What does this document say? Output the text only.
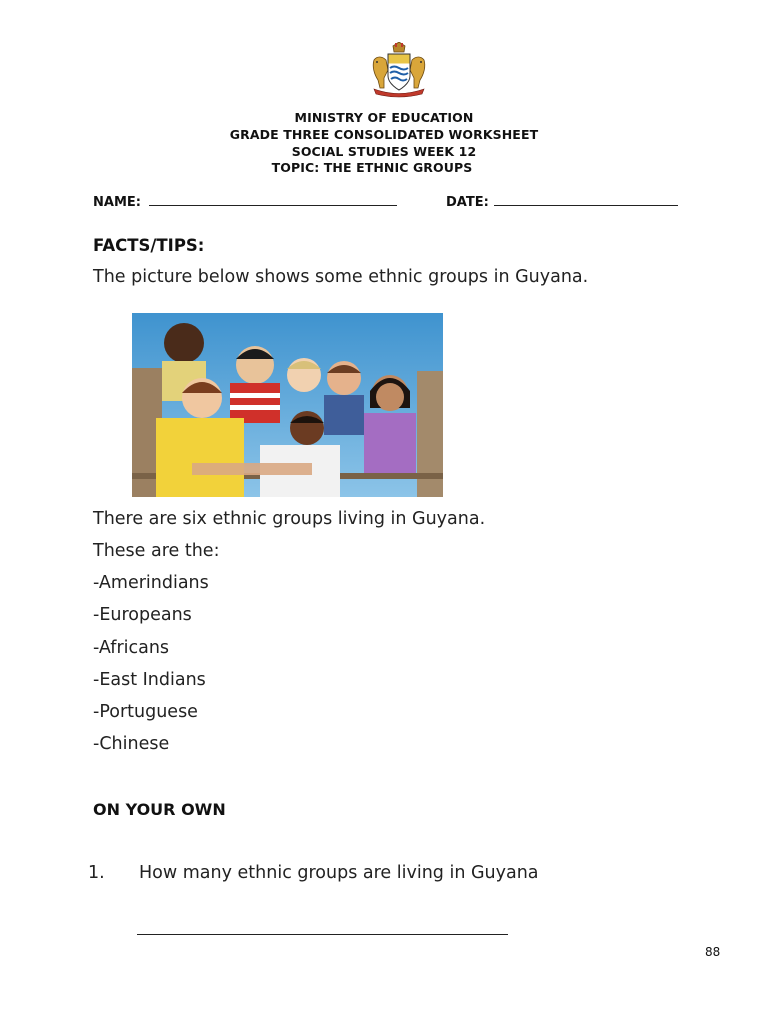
MINISTRY OF EDUCATION
GRADE THREE CONSOLIDATED WORKSHEET
SOCIAL STUDIES WEEK 12
TOPIC: THE ETHNIC GROUPS
NAME:	DATE:
FACTS/TIPS:
The picture below shows some ethnic groups in Guyana.
There are six ethnic groups living in Guyana.
These are the:
-Amerindians
-Europeans
-Africans
-East Indians
-Portuguese
-Chinese
ON YOUR OWN
1. How many ethnic groups are living in Guyana
88
